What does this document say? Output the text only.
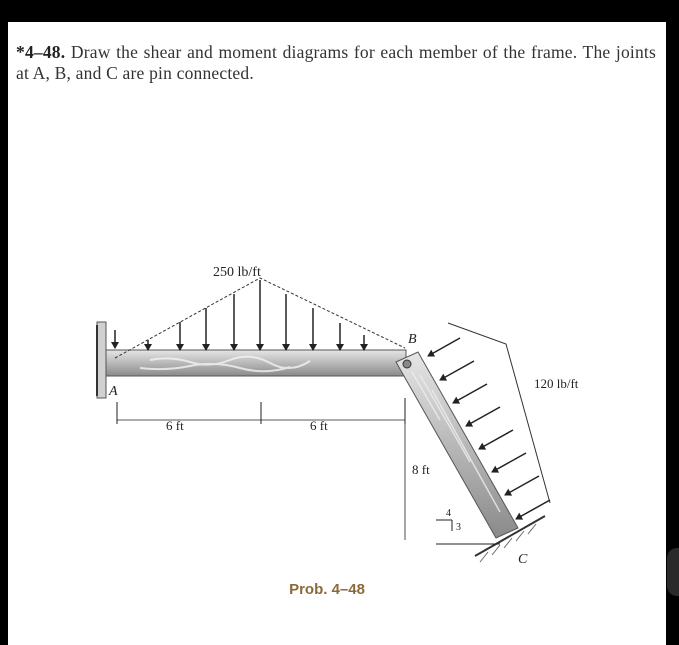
*4–48. Draw the shear and moment diagrams for each member of the frame. The joints at A, B, and C are pin connected.
250 lb/ft
120 lb/ft
6 ft	6 ft
8 ft
4
3
A
B
C
Prob. 4–48
